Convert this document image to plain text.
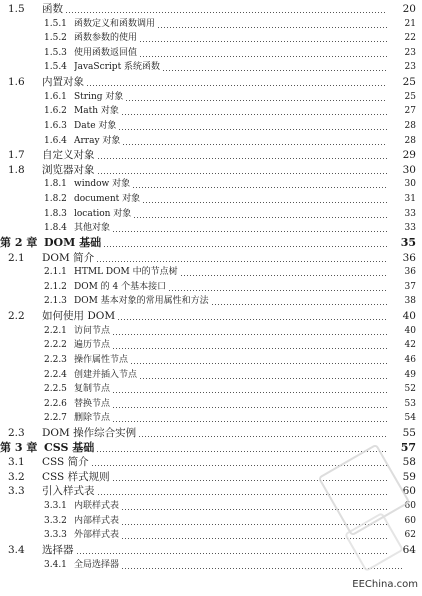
1.5 函数	20
1.5.1 函数定义和函数调用	21
1.5.2 函数参数的使用	22
1.5.3 使用函数返回值	23
1.5.4 JavaScript 系统函数	23
1.6 内置对象	25
1.6.1 String 对象	25
1.6.2 Math 对象	27
1.6.3 Date 对象	28
1.6.4 Array 对象	28
1.7 自定义对象	29
1.8 浏览器对象	30
1.8.1 window 对象	30
1.8.2 document 对象	31
1.8.3 location 对象	33
1.8.4 其他对象	33
第 2 章 DOM 基础	35
2.1 DOM 简介	36
2.1.1 HTML DOM 中的节点树	36
2.1.2 DOM 的 4 个基本接口	37
2.1.3 DOM 基本对象的常用属性和方法	38
2.2 如何使用 DOM	40
2.2.1 访问节点	40
2.2.2 遍历节点	42
2.2.3 操作属性节点	46
2.2.4 创建并插入节点	49
2.2.5 复制节点	52
2.2.6 替换节点	53
2.2.7 删除节点	54
2.3 DOM 操作综合实例	55
第 3 章 CSS 基础	57
3.1 CSS 简介	58
3.2 CSS 样式规则	59
3.3 引入样式表	60
3.3.1 内联样式表	60
3.3.2 内部样式表	60
3.3.3 外部样式表	62
3.4 选择器	64
3.4.1 全局选择器
EEChina.com
